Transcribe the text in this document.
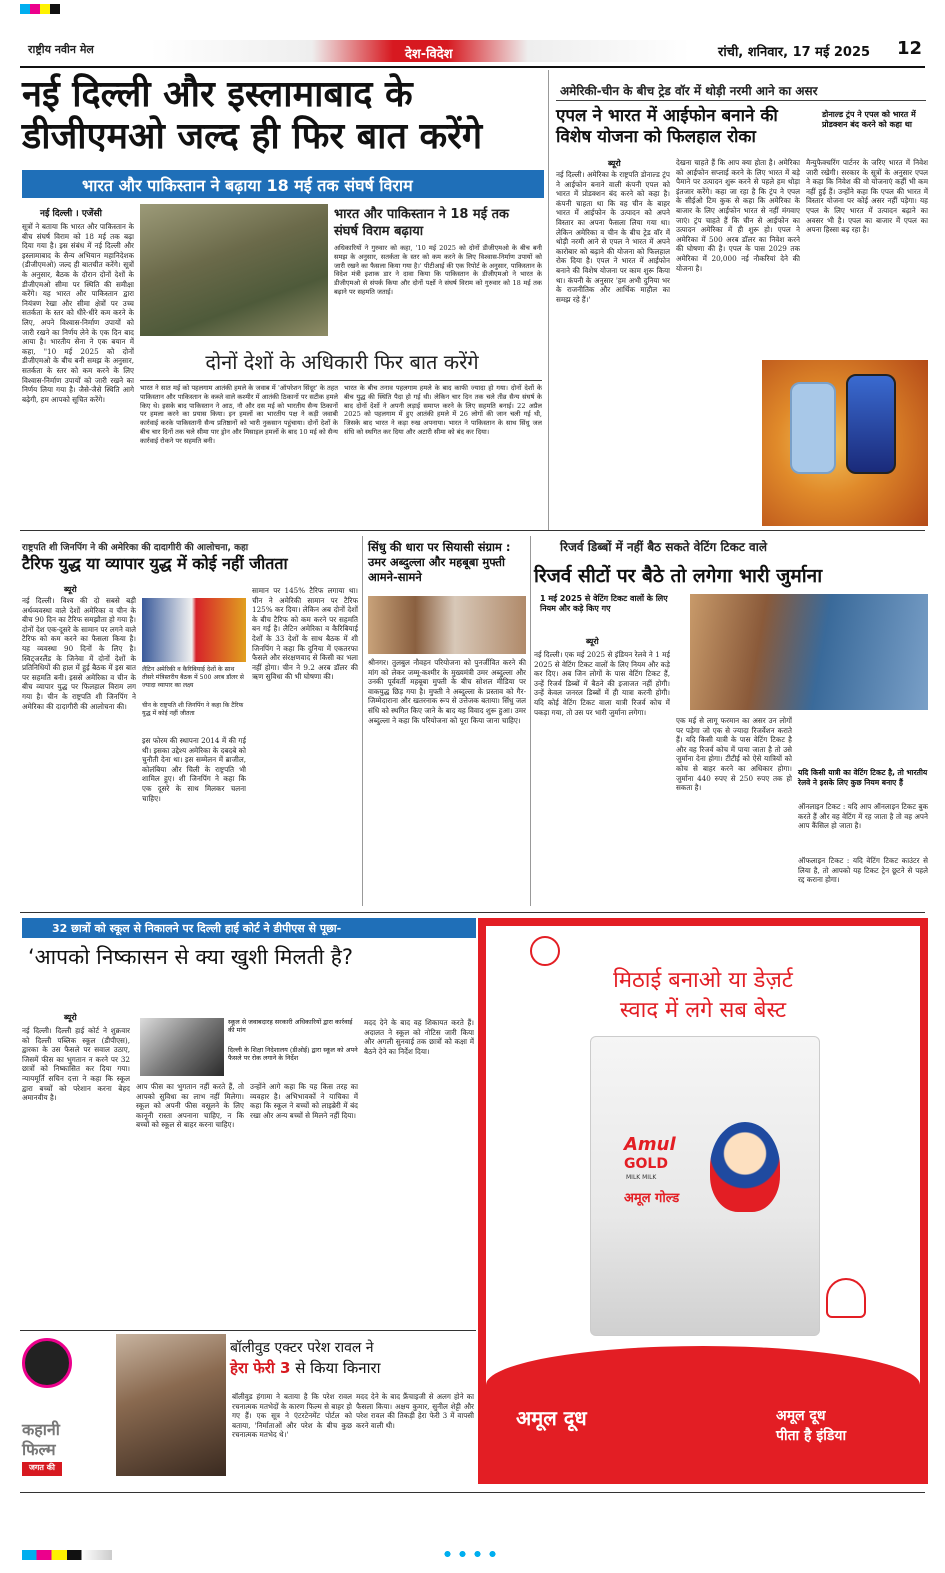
राष्ट्रीय नवीन मेल	देश-विदेश	रांची, शनिवार, 17 मई 2025 12
नई दिल्ली और इस्लामाबाद के डीजीएमओ जल्द ही फिर बात करेंगे
भारत और पाकिस्तान ने बढ़ाया 18 मई तक संघर्ष विराम
नई दिल्ली । एजेंसी
सूत्रों ने बताया कि भारत और पाकिस्तान के बीच संघर्ष विराम को 18 मई तक बढ़ा दिया गया है। इस संबंध में नई दिल्ली और इस्लामाबाद के सैन्य अभियान महानिदेशक (डीजीएमओ) जल्द ही बातचीत करेंगे। सूत्रों के अनुसार, बैठक के दौरान दोनों देशों के डीजीएमओ सीमा पर स्थिति की समीक्षा करेंगे। यह भारत और पाकिस्तान द्वारा नियंत्रण रेखा और सीमा क्षेत्रों पर उच्च सतर्कता के स्तर को धीरे-धीरे कम करने के लिए, अपने विश्वास-निर्माण उपायों को जारी रखने का निर्णय लेने के एक दिन बाद आया है। भारतीय सेना ने एक बयान में कहा, "10 मई 2025 को दोनों डीजीएमओ के बीच बनी समझ के अनुसार, सतर्कता के स्तर को कम करने के लिए विश्वास-निर्माण उपायों को जारी रखने का निर्णय लिया गया है। जैसे-जैसे स्थिति आगे बढ़ेगी, हम आपको सूचित करेंगे।
भारत और पाकिस्तान ने 18 मई तक संघर्ष विराम बढ़ाया
अधिकारियों ने गुरुवार को कहा, '10 मई 2025 को दोनों डीजीएमओ के बीच बनी समझ के अनुसार, सतर्कता के स्तर को कम करने के लिए विश्वास-निर्माण उपायों को जारी रखने का फैसला किया गया है।' पीटीआई की एक रिपोर्ट के अनुसार, पाकिस्तान के विदेश मंत्री इशाक डार ने दावा किया कि पाकिस्तान के डीजीएमओ ने भारत के डीजीएमओ से संपर्क किया और दोनों पक्षों ने संघर्ष विराम को गुरुवार को 18 मई तक बढ़ाने पर सहमति जताई।
दोनों देशों के अधिकारी फिर बात करेंगे
भारत ने सात मई को पहलगाम आतंकी हमले के जवाब में 'ऑपरेशन सिंदूर' के तहत पाकिस्तान और पाकिस्तान के कब्जे वाले कश्मीर में आतंकी ठिकानों पर सटीक हमले किए थे। इसके बाद पाकिस्तान ने आठ, नौ और दस मई को भारतीय सैन्य ठिकानों पर हमला करने का प्रयास किया। इन हमलों का भारतीय पक्ष ने कड़ी जवाबी कार्रवाई करके पाकिस्तानी सैन्य प्रतिष्ठानों को भारी नुकसान पहुंचाया। दोनों देशों के बीच चार दिनों तक चले सीमा पार ड्रोन और मिसाइल हमलों के बाद 10 मई को सैन्य कार्रवाई रोकने पर सहमति बनी।
भारत के बीच तनाव पहलगाम हमले के बाद काफी ज्यादा हो गया। दोनों देशों के बीच युद्ध की स्थिति पैदा हो गई थी। लेकिन चार दिन तक चले तीव्र सैन्य संघर्ष के बाद दोनों देशों ने अपनी लड़ाई समाप्त करने के लिए सहमति बनाई। 22 अप्रैल 2025 को पहलगाम में हुए आतंकी हमले में 26 लोगों की जान चली गई थी, जिसके बाद भारत ने कड़ा रुख अपनाया। भारत ने पाकिस्तान के साथ सिंधु जल संधि को स्थगित कर दिया और अटारी सीमा को बंद कर दिया।
अमेरिकी-चीन के बीच ट्रेड वॉर में थोड़ी नरमी आने का असर
एपल ने भारत में आईफोन बनाने की विशेष योजना को फिलहाल रोका
डोनाल्ड ट्रंप ने एपल को भारत में प्रोडक्शन बंद करने को कहा था
ब्यूरो
नई दिल्ली। अमेरिका के राष्ट्रपति डोनाल्ड ट्रंप ने आईफोन बनाने वाली कंपनी एपल को भारत में प्रोडक्शन बंद करने को कहा है। कंपनी चाहता था कि वह चीन के बाहर भारत में आईफोन के उत्पादन को अपने विस्तार का अपना फैसला लिया गया था। लेकिन अमेरिका व चीन के बीच ट्रेड वॉर में थोड़ी नरमी आने से एपल ने भारत में अपने कारोबार को बढ़ाने की योजना को फिलहाल रोक दिया है। एपल ने भारत में आईफोन बनाने की विशेष योजना पर काम शुरू किया था। कंपनी के अनुसार 'हम अभी दुनिया भर के राजनीतिक और आर्थिक माहौल का समझ रहे हैं।'
देखना चाहते हैं कि आप क्या होता है। अमेरिका को आईफोन सप्लाई करने के लिए भारत में बड़े पैमाने पर उत्पादन शुरू करने से पहले हम थोड़ा इंतजार करेंगे। कहा जा रहा है कि ट्रंप ने एपल के सीईओ टिम कुक से कहा कि अमेरिका के बाजार के लिए आईफोन भारत से नहीं मंगवाए जाएं। ट्रंप चाहते हैं कि चीन से आईफोन का उत्पादन अमेरिका में ही शुरू हो। एपल ने अमेरिका में 500 अरब डॉलर का निवेश करने की घोषणा की है। एपल के पास 2029 तक अमेरिका में 20,000 नई नौकरियां देने की योजना है।
मैन्युफैक्चरिंग पार्टनर के जरिए भारत में निवेश जारी रखेगी। सरकार के सूत्रों के अनुसार एपल ने कहा कि निवेश की वो योजनाएं कहीं भी कम नहीं हुई हैं। उन्होंने कहा कि एपल की भारत में विस्तार योजना पर कोई असर नहीं पड़ेगा। यह एपल के लिए भारत में उत्पादन बढ़ाने का अवसर भी है। एपल का बाजार में एपल का अपना हिस्सा बढ़ रहा है।
राष्ट्रपति शी जिनपिंग ने की अमेरिका की दादागीरी की आलोचना, कहा
टैरिफ युद्ध या व्यापार युद्ध में कोई नहीं जीतता
ब्यूरो
नई दिल्ली। विश्व की दो सबसे बड़ी अर्थव्यवस्था वाले देशों अमेरिका व चीन के बीच 90 दिन का टैरिफ समझौता हो गया है। दोनों देश एक-दूसरे के सामान पर लगने वाले टैरिफ को कम करने का फैसला किया है। यह व्यवस्था 90 दिनों के लिए है। स्विट्जरलैंड के जिनेवा में दोनों देशों के प्रतिनिधियों की हाल में हुई बैठक में इस बात पर सहमति बनी। इससे अमेरिका व चीन के बीच व्यापार युद्ध पर फिलहाल विराम लग गया है। चीन के राष्ट्रपति शी जिनपिंग ने अमेरिका की दादागीरी की आलोचना की।
लैटिन अमेरिकी व कैरिबियाई देशों के साथ तीसरे मंत्रिस्तरीय बैठक में 500 अरब डॉलर से ज्यादा व्यापार का लक्ष्य
चीन के राष्ट्रपति शी जिनपिंग ने कहा कि टैरिफ युद्ध में कोई नहीं जीतता
इस फोरम की स्थापना 2014 में की गई थी। इसका उद्देश्य अमेरिका के दबदबे को चुनौती देना था। इस सम्मेलन में ब्राजील, कोलंबिया और चिली के राष्ट्रपति भी शामिल हुए। शी जिनपिंग ने कहा कि एक दूसरे के साथ मिलकर चलना चाहिए।
सामान पर 145% टैरिफ लगाया था। चीन ने अमेरिकी सामान पर टैरिफ 125% कर दिया। लेकिन अब दोनों देशों के बीच टैरिफ को कम करने पर सहमति बन गई है। लैटिन अमेरिका व कैरिबियाई देशों के 33 देशों के साथ बैठक में शी जिनपिंग ने कहा कि दुनिया में एकतरफा फैसले और संरक्षणवाद से किसी का भला नहीं होगा। चीन ने 9.2 अरब डॉलर की ऋण सुविधा की भी घोषणा की।
सिंधु की धारा पर सियासी संग्राम : उमर अब्दुल्ला और महबूबा मुफ्ती आमने-सामने
श्रीनगर। तुलबुल नौवहन परियोजना को पुनर्जीवित करने की मांग को लेकर जम्मू-कश्मीर के मुख्यमंत्री उमर अब्दुल्ला और उनकी पूर्ववर्ती महबूबा मुफ्ती के बीच सोशल मीडिया पर वाकयुद्ध छिड़ गया है। मुफ्ती ने अब्दुल्ला के प्रस्ताव को गैर-जिम्मेदाराना और खतरनाक रूप से उत्तेजक बताया। सिंधु जल संधि को स्थगित किए जाने के बाद यह विवाद शुरू हुआ। उमर अब्दुल्ला ने कहा कि परियोजना को पूरा किया जाना चाहिए।
रिजर्व डिब्बों में नहीं बैठ सकते वेटिंग टिकट वाले
रिजर्व सीटों पर बैठे तो लगेगा भारी जुर्माना
1 मई 2025 से वेटिंग टिकट वालों के लिए नियम और कड़े किए गए
ब्यूरो
नई दिल्ली। एक मई 2025 से इंडियन रेलवे ने 1 मई 2025 से वेटिंग टिकट वालों के लिए नियम और कड़े कर दिए। अब जिन लोगों के पास वेटिंग टिकट हैं, उन्हें रिजर्व डिब्बों में बैठने की इजाजत नहीं होगी। उन्हें केवल जनरल डिब्बों में ही यात्रा करनी होगी। यदि कोई वेटिंग टिकट वाला यात्री रिजर्व कोच में पकड़ा गया, तो उस पर भारी जुर्माना लगेगा।
एक मई से लागू फरमान का असर उन लोगों पर पड़ेगा जो एक से ज्यादा रिजर्वेशन कराते हैं। यदि किसी यात्री के पास वेटिंग टिकट है और वह रिजर्व कोच में पाया जाता है तो उसे जुर्माना देना होगा। टीटीई को ऐसे यात्रियों को कोच से बाहर करने का अधिकार होगा। जुर्माना 440 रुपए से 250 रुपए तक हो सकता है।
यदि किसी यात्री का वेटिंग टिकट है, तो भारतीय रेलवे ने इसके लिए कुछ नियम बनाए हैं
ऑनलाइन टिकट : यदि आप ऑनलाइन टिकट बुक करते हैं और वह वेटिंग में रह जाता है तो वह अपने आप कैंसिल हो जाता है।
ऑफलाइन टिकट : यदि वेटिंग टिकट काउंटर से लिया है, तो आपको यह टिकट ट्रेन छूटने से पहले रद्द कराना होगा।
32 छात्रों को स्कूल से निकालने पर दिल्ली हाई कोर्ट ने डीपीएस से पूछा-
‘आपको निष्कासन से क्या खुशी मिलती है?
ब्यूरो
नई दिल्ली। दिल्ली हाई कोर्ट ने शुक्रवार को दिल्ली पब्लिक स्कूल (डीपीएस), द्वारका के उस फैसले पर सवाल उठाए, जिसमें फीस का भुगतान न करने पर 32 छात्रों को निष्कासित कर दिया गया। न्यायमूर्ति सचिन दत्ता ने कहा कि स्कूल द्वारा बच्चों को परेशान करना बेहद अमानवीय है।
स्कूल से जवाबदारह सरकारी अधिकारियों द्वारा कार्रवाई की मांग
दिल्ली के शिक्षा निदेशालय (डीओई) द्वारा स्कूल को अपने फैसले पर रोक लगाने के निर्देश
आप फीस का भुगतान नहीं करते हैं, तो आपको सुविधा का लाभ नहीं मिलेगा। स्कूल को अपनी फीस वसूलने के लिए कानूनी रास्ता अपनाना चाहिए, न कि बच्चों को स्कूल से बाहर करना चाहिए।
उन्होंने आगे कहा कि यह किस तरह का व्यवहार है। अभिभावकों ने याचिका में कहा कि स्कूल ने बच्चों को लाइब्रेरी में बंद रखा और अन्य बच्चों से मिलने नहीं दिया।
मदद देने के बाद वह शिकायत करते हैं। अदालत ने स्कूल को नोटिस जारी किया और अगली सुनवाई तक छात्रों को कक्षा में बैठने देने का निर्देश दिया।
कहानी
फिल्म
जगत की
बॉलीवुड एक्टर परेश रावल ने
हेरा फेरी 3 से किया किनारा
बॉलीवुड हंगामा ने बताया है कि परेश रावल रचनात्मक मतभेदों के कारण फिल्म से बाहर हो गए हैं। एक सूत्र ने एंटरटेनमेंट पोर्टल को बताया, 'निर्माताओं और परेश के बीच कुछ रचनात्मक मतभेद थे।'
मदद देने के बाद फ्रैंचाइजी से अलग होने का फैसला किया। अक्षय कुमार, सुनील शेट्टी और परेश रावल की तिकड़ी हेरा फेरी 3 में वापसी करने वाली थी।
मिठाई बनाओ या डेज़र्ट
स्वाद में लगे सब बेस्ट
Amul
GOLD
MILK MILK
अमूल गोल्ड
अमूल दूध	अमूल दूध
पीता है इंडिया
